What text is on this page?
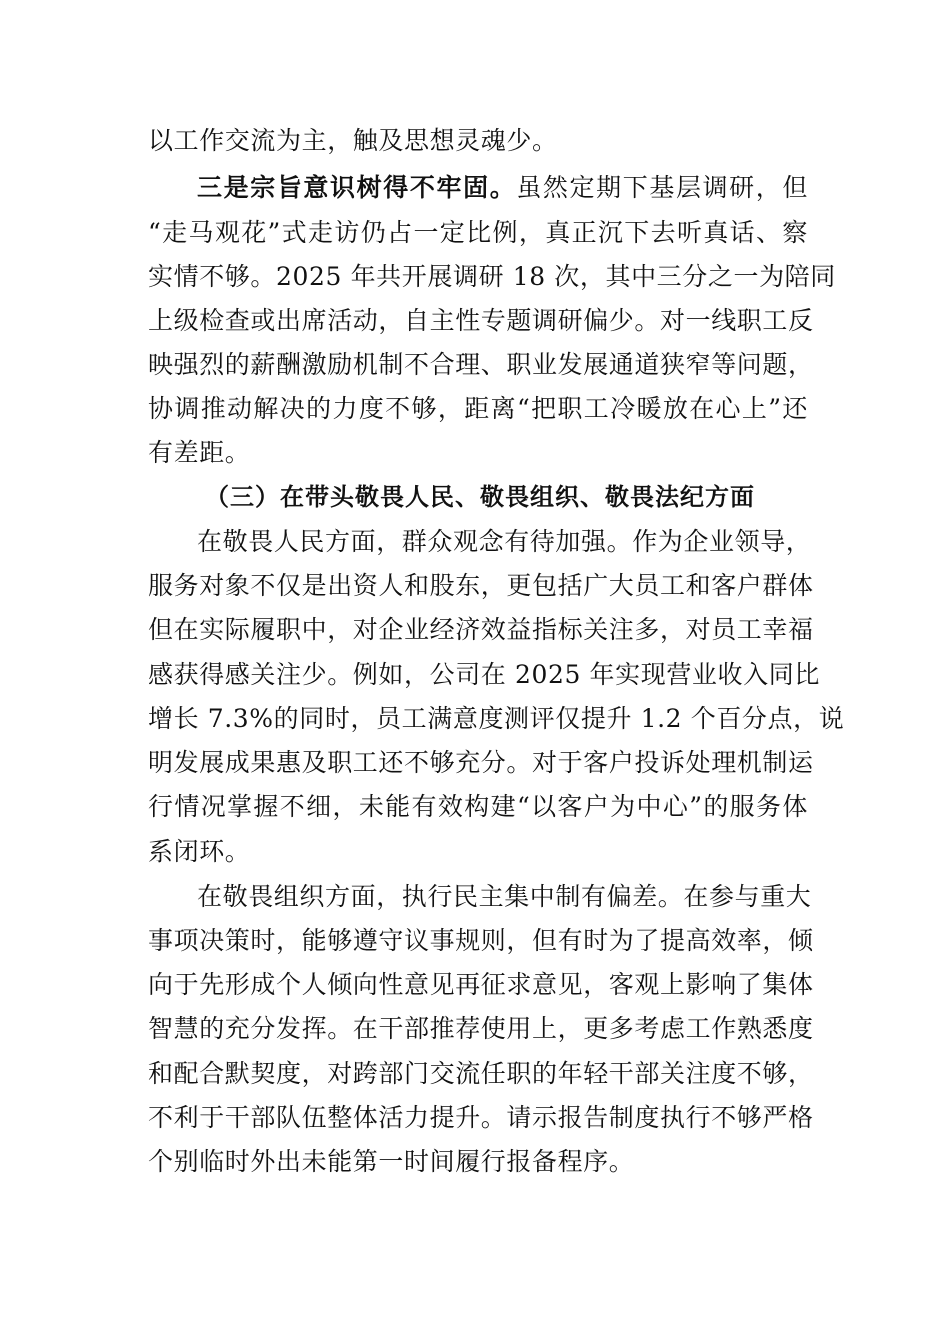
以工作交流为主，触及思想灵魂少。
三是宗旨意识树得不牢固。虽然定期下基层调研，但
“走马观花”式走访仍占一定比例，真正沉下去听真话、察
实情不够。2025 年共开展调研 18 次，其中三分之一为陪同
上级检查或出席活动，自主性专题调研偏少。对一线职工反
映强烈的薪酬激励机制不合理、职业发展通道狭窄等问题，
协调推动解决的力度不够，距离“把职工冷暖放在心上”还
有差距。
（三）在带头敬畏人民、敬畏组织、敬畏法纪方面
在敬畏人民方面，群众观念有待加强。作为企业领导，
服务对象不仅是出资人和股东，更包括广大员工和客户群体
但在实际履职中，对企业经济效益指标关注多，对员工幸福
感获得感关注少。例如，公司在 2025 年实现营业收入同比
增长 7.3%的同时，员工满意度测评仅提升 1.2 个百分点，说
明发展成果惠及职工还不够充分。对于客户投诉处理机制运
行情况掌握不细，未能有效构建“以客户为中心”的服务体
系闭环。
在敬畏组织方面，执行民主集中制有偏差。在参与重大
事项决策时，能够遵守议事规则，但有时为了提高效率，倾
向于先形成个人倾向性意见再征求意见，客观上影响了集体
智慧的充分发挥。在干部推荐使用上，更多考虑工作熟悉度
和配合默契度，对跨部门交流任职的年轻干部关注度不够，
不利于干部队伍整体活力提升。请示报告制度执行不够严格
个别临时外出未能第一时间履行报备程序。
